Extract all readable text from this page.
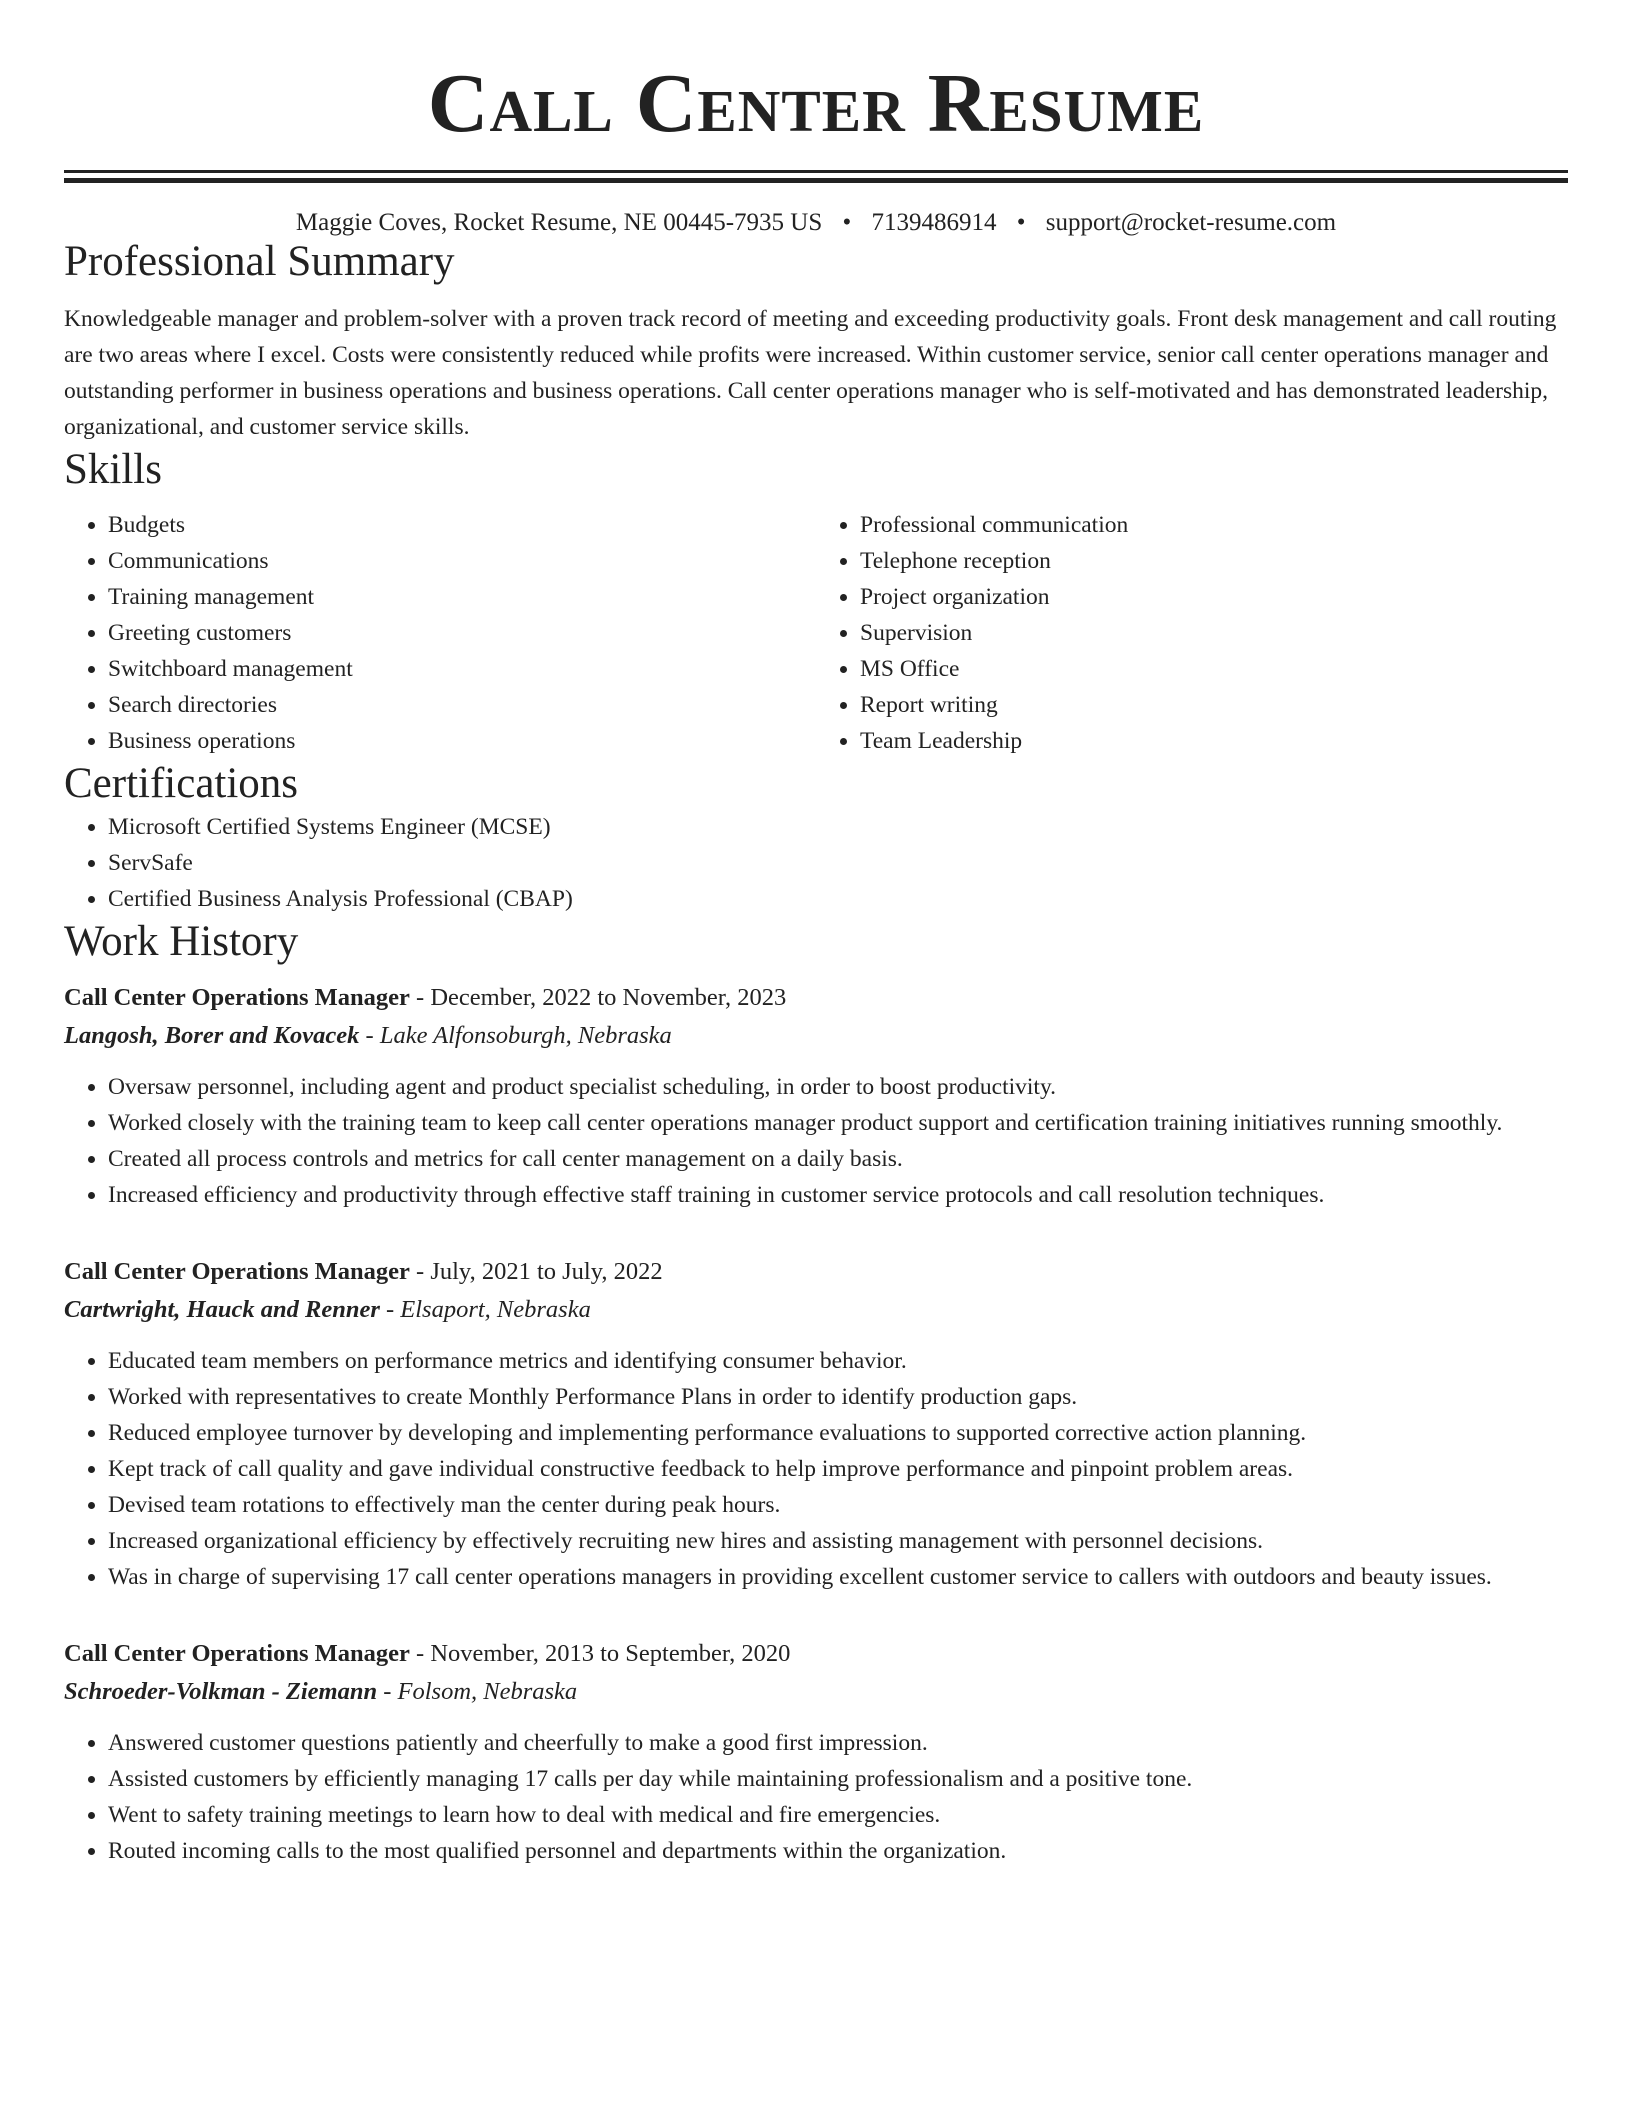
Call Center Resume
Maggie Coves, Rocket Resume, NE 00445-7935 US • 7139486914 • support@rocket-resume.com
Professional Summary

Knowledgeable manager and problem-solver with a proven track record of meeting and exceeding productivity goals. Front desk management and call routing are two areas where I excel. Costs were consistently reduced while profits were increased. Within customer service, senior call center operations manager and outstanding performer in business operations and business operations. Call center operations manager who is self-motivated and has demonstrated leadership, organizational, and customer service skills.

Skills
• Budgets
• Communications
• Training management
• Greeting customers
• Switchboard management
• Search directories
• Business operations
• Professional communication
• Telephone reception
• Project organization
• Supervision
• MS Office
• Report writing
• Team Leadership
Certifications
• Microsoft Certified Systems Engineer (MCSE)
• ServSafe
• Certified Business Analysis Professional (CBAP)
Work History
Call Center Operations Manager - December, 2022 to November, 2023
Langosh, Borer and Kovacek - Lake Alfonsoburgh, Nebraska
• Oversaw personnel, including agent and product specialist scheduling, in order to boost productivity.
• Worked closely with the training team to keep call center operations manager product support and certification training initiatives running smoothly.
• Created all process controls and metrics for call center management on a daily basis.
• Increased efficiency and productivity through effective staff training in customer service protocols and call resolution techniques.
Call Center Operations Manager - July, 2021 to July, 2022
Cartwright, Hauck and Renner - Elsaport, Nebraska
• Educated team members on performance metrics and identifying consumer behavior.
• Worked with representatives to create Monthly Performance Plans in order to identify production gaps.
• Reduced employee turnover by developing and implementing performance evaluations to supported corrective action planning.
• Kept track of call quality and gave individual constructive feedback to help improve performance and pinpoint problem areas.
• Devised team rotations to effectively man the center during peak hours.
• Increased organizational efficiency by effectively recruiting new hires and assisting management with personnel decisions.
• Was in charge of supervising 17 call center operations managers in providing excellent customer service to callers with outdoors and beauty issues.
Call Center Operations Manager - November, 2013 to September, 2020
Schroeder-Volkman - Ziemann - Folsom, Nebraska
• Answered customer questions patiently and cheerfully to make a good first impression.
• Assisted customers by efficiently managing 17 calls per day while maintaining professionalism and a positive tone.
• Went to safety training meetings to learn how to deal with medical and fire emergencies.
• Routed incoming calls to the most qualified personnel and departments within the organization.
